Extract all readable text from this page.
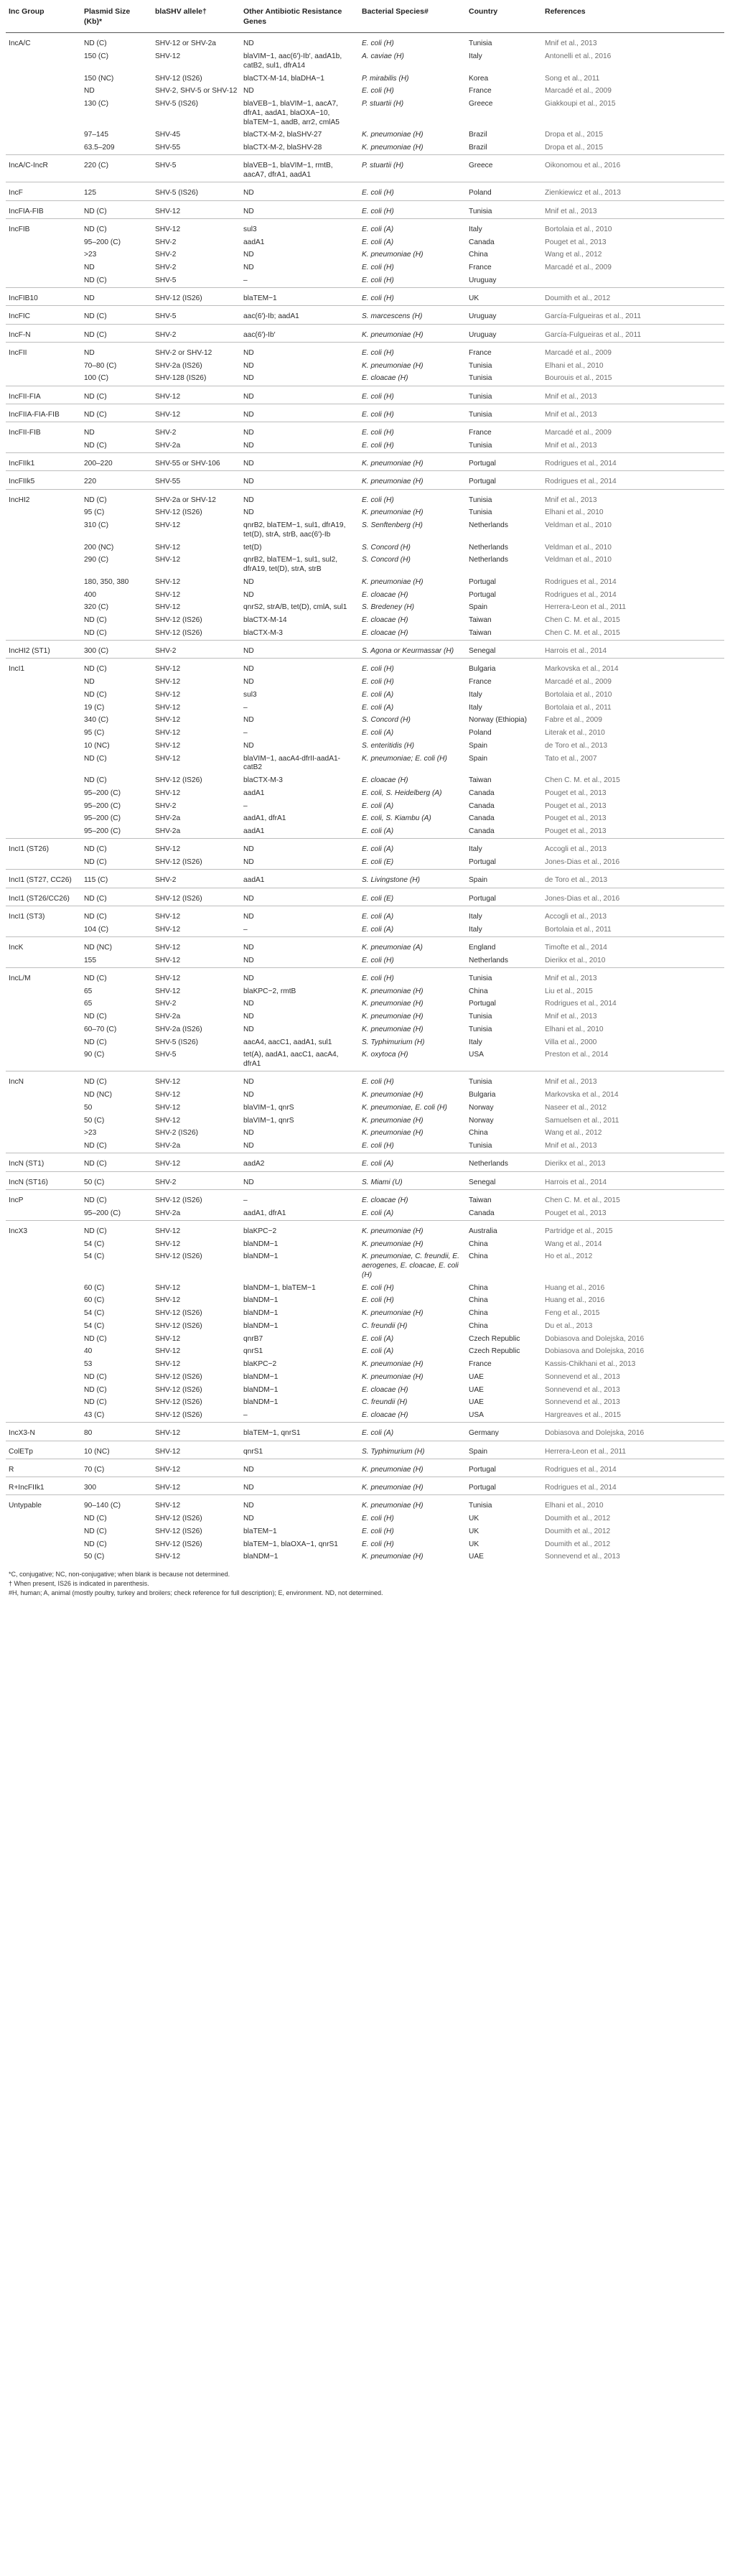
Inc Group	Plasmid Size (Kb)*	blaSHV allele†	Other Antibiotic Resistance Genes	Bacterial Species#	Country	References
IncA/C	ND (C)	SHV-12 or SHV-2a	ND	E. coli (H)	Tunisia	Mnif et al., 2013
	150 (C)	SHV-12	blaVIM−1, aac(6′)-Ib′, aadA1b, catB2, sul1, dfrA14	A. caviae (H)	Italy	Antonelli et al., 2016
	150 (NC)	SHV-12 (IS26)	blaCTX-M-14, blaDHA−1	P. mirabilis (H)	Korea	Song et al., 2011
	ND	SHV-2, SHV-5 or SHV-12	ND	E. coli (H)	France	Marcadé et al., 2009
	130 (C)	SHV-5 (IS26)	blaVEB−1, blaVIM−1, aacA7, dfrA1, aadA1, blaOXA−10, blaTEM−1, aadB, arr2, cmlA5	P. stuartii (H)	Greece	Giakkoupi et al., 2015
	97–145	SHV-45	blaCTX-M-2, blaSHV-27	K. pneumoniae (H)	Brazil	Dropa et al., 2015
	63.5–209	SHV-55	blaCTX-M-2, blaSHV-28	K. pneumoniae (H)	Brazil	Dropa et al., 2015
IncA/C-IncR	220 (C)	SHV-5	blaVEB−1, blaVIM−1, rmtB, aacA7, dfrA1, aadA1	P. stuartii (H)	Greece	Oikonomou et al., 2016
IncF	125	SHV-5 (IS26)	ND	E. coli (H)	Poland	Zienkiewicz et al., 2013
IncFIA-FIB	ND (C)	SHV-12	ND	E. coli (H)	Tunisia	Mnif et al., 2013
IncFIB	ND (C)	SHV-12	sul3	E. coli (A)	Italy	Bortolaia et al., 2010
	95–200 (C)	SHV-2	aadA1	E. coli (A)	Canada	Pouget et al., 2013
	>23	SHV-2	ND	K. pneumoniae (H)	China	Wang et al., 2012
	ND	SHV-2	ND	E. coli (H)	France	Marcadé et al., 2009
	ND (C)	SHV-5	–	E. coli (H)	Uruguay	
IncFIB10	ND	SHV-12 (IS26)	blaTEM−1	E. coli (H)	UK	Doumith et al., 2012
IncFIC	ND (C)	SHV-5	aac(6′)-Ib; aadA1	S. marcescens (H)	Uruguay	García-Fulgueiras et al., 2011
IncF-N	ND (C)	SHV-2	aac(6′)-Ib′	K. pneumoniae (H)	Uruguay	García-Fulgueiras et al., 2011
IncFII	ND	SHV-2 or SHV-12	ND	E. coli (H)	France	Marcadé et al., 2009
	70–80 (C)	SHV-2a (IS26)	ND	K. pneumoniae (H)	Tunisia	Elhani et al., 2010
	100 (C)	SHV-128 (IS26)	ND	E. cloacae (H)	Tunisia	Bourouis et al., 2015
IncFII-FIA	ND (C)	SHV-12	ND	E. coli (H)	Tunisia	Mnif et al., 2013
IncFIIA-FIA-FIB	ND (C)	SHV-12	ND	E. coli (H)	Tunisia	Mnif et al., 2013
IncFII-FIB	ND	SHV-2	ND	E. coli (H)	France	Marcadé et al., 2009
	ND (C)	SHV-2a	ND	E. coli (H)	Tunisia	Mnif et al., 2013
IncFIIk1	200–220	SHV-55 or SHV-106	ND	K. pneumoniae (H)	Portugal	Rodrigues et al., 2014
IncFIIk5	220	SHV-55	ND	K. pneumoniae (H)	Portugal	Rodrigues et al., 2014
IncHI2	ND (C)	SHV-2a or SHV-12	ND	E. coli (H)	Tunisia	Mnif et al., 2013
	95 (C)	SHV-12 (IS26)	ND	K. pneumoniae (H)	Tunisia	Elhani et al., 2010
	310 (C)	SHV-12	qnrB2, blaTEM−1, sul1, dfrA19, tet(D), strA, strB, aac(6′)-Ib	S. Senftenberg (H)	Netherlands	Veldman et al., 2010
	200 (NC)	SHV-12	tet(D)	S. Concord (H)	Netherlands	Veldman et al., 2010
	290 (C)	SHV-12	qnrB2, blaTEM−1, sul1, sul2, dfrA19, tet(D), strA, strB	S. Concord (H)	Netherlands	Veldman et al., 2010
	180, 350, 380	SHV-12	ND	K. pneumoniae (H)	Portugal	Rodrigues et al., 2014
	400	SHV-12	ND	E. cloacae (H)	Portugal	Rodrigues et al., 2014
	320 (C)	SHV-12	qnrS2, strA/B, tet(D), cmlA, sul1	S. Bredeney (H)	Spain	Herrera-Leon et al., 2011
	ND (C)	SHV-12 (IS26)	blaCTX-M-14	E. cloacae (H)	Taiwan	Chen C. M. et al., 2015
	ND (C)	SHV-12 (IS26)	blaCTX-M-3	E. cloacae (H)	Taiwan	Chen C. M. et al., 2015
IncHI2 (ST1)	300 (C)	SHV-2	ND	S. Agona or Keurmassar (H)	Senegal	Harrois et al., 2014
IncI1	ND (C)	SHV-12	ND	E. coli (H)	Bulgaria	Markovska et al., 2014
	ND	SHV-12	ND	E. coli (H)	France	Marcadé et al., 2009
	ND (C)	SHV-12	sul3	E. coli (A)	Italy	Bortolaia et al., 2010
	19 (C)	SHV-12	–	E. coli (A)	Italy	Bortolaia et al., 2011
	340 (C)	SHV-12	ND	S. Concord (H)	Norway (Ethiopia)	Fabre et al., 2009
	95 (C)	SHV-12	–	E. coli (A)	Poland	Literak et al., 2010
	10 (NC)	SHV-12	ND	S. enteritidis (H)	Spain	de Toro et al., 2013
	ND (C)	SHV-12	blaVIM−1, aacA4-dfrII-aadA1-catB2	K. pneumoniae; E. coli (H)	Spain	Tato et al., 2007
	ND (C)	SHV-12 (IS26)	blaCTX-M-3	E. cloacae (H)	Taiwan	Chen C. M. et al., 2015
	95–200 (C)	SHV-12	aadA1	E. coli, S. Heidelberg (A)	Canada	Pouget et al., 2013
	95–200 (C)	SHV-2	–	E. coli (A)	Canada	Pouget et al., 2013
	95–200 (C)	SHV-2a	aadA1, dfrA1	E. coli, S. Kiambu (A)	Canada	Pouget et al., 2013
	95–200 (C)	SHV-2a	aadA1	E. coli (A)	Canada	Pouget et al., 2013
IncI1 (ST26)	ND (C)	SHV-12	ND	E. coli (A)	Italy	Accogli et al., 2013
	ND (C)	SHV-12 (IS26)	ND	E. coli (E)	Portugal	Jones-Dias et al., 2016
IncI1 (ST27, CC26)	115 (C)	SHV-2	aadA1	S. Livingstone (H)	Spain	de Toro et al., 2013
IncI1 (ST26/CC26)	ND (C)	SHV-12 (IS26)	ND	E. coli (E)	Portugal	Jones-Dias et al., 2016
IncI1 (ST3)	ND (C)	SHV-12	ND	E. coli (A)	Italy	Accogli et al., 2013
	104 (C)	SHV-12	–	E. coli (A)	Italy	Bortolaia et al., 2011
IncK	ND (NC)	SHV-12	ND	K. pneumoniae (A)	England	Timofte et al., 2014
	155	SHV-12	ND	E. coli (H)	Netherlands	Dierikx et al., 2010
IncL/M	ND (C)	SHV-12	ND	E. coli (H)	Tunisia	Mnif et al., 2013
	65	SHV-12	blaKPC−2, rmtB	K. pneumoniae (H)	China	Liu et al., 2015
	65	SHV-2	ND	K. pneumoniae (H)	Portugal	Rodrigues et al., 2014
	ND (C)	SHV-2a	ND	K. pneumoniae (H)	Tunisia	Mnif et al., 2013
	60–70 (C)	SHV-2a (IS26)	ND	K. pneumoniae (H)	Tunisia	Elhani et al., 2010
	ND (C)	SHV-5 (IS26)	aacA4, aacC1, aadA1, sul1	S. Typhimurium (H)	Italy	Villa et al., 2000
	90 (C)	SHV-5	tet(A), aadA1, aacC1, aacA4, dfrA1	K. oxytoca (H)	USA	Preston et al., 2014
IncN	ND (C)	SHV-12	ND	E. coli (H)	Tunisia	Mnif et al., 2013
	ND (NC)	SHV-12	ND	K. pneumoniae (H)	Bulgaria	Markovska et al., 2014
	50	SHV-12	blaVIM−1, qnrS	K. pneumoniae, E. coli (H)	Norway	Naseer et al., 2012
	50 (C)	SHV-12	blaVIM−1, qnrS	K. pneumoniae (H)	Norway	Samuelsen et al., 2011
	>23	SHV-2 (IS26)	ND	K. pneumoniae (H)	China	Wang et al., 2012
	ND (C)	SHV-2a	ND	E. coli (H)	Tunisia	Mnif et al., 2013
IncN (ST1)	ND (C)	SHV-12	aadA2	E. coli (A)	Netherlands	Dierikx et al., 2013
IncN (ST16)	50 (C)	SHV-2	ND	S. Miami (U)	Senegal	Harrois et al., 2014
IncP	ND (C)	SHV-12 (IS26)	–	E. cloacae (H)	Taiwan	Chen C. M. et al., 2015
	95–200 (C)	SHV-2a	aadA1, dfrA1	E. coli (A)	Canada	Pouget et al., 2013
IncX3	ND (C)	SHV-12	blaKPC−2	K. pneumoniae (H)	Australia	Partridge et al., 2015
	54 (C)	SHV-12	blaNDM−1	K. pneumoniae (H)	China	Wang et al., 2014
	54 (C)	SHV-12 (IS26)	blaNDM−1	K. pneumoniae, C. freundii, E. aerogenes, E. cloacae, E. coli (H)	China	Ho et al., 2012
	60 (C)	SHV-12	blaNDM−1, blaTEM−1	E. coli (H)	China	Huang et al., 2016
	60 (C)	SHV-12	blaNDM−1	E. coli (H)	China	Huang et al., 2016
	54 (C)	SHV-12 (IS26)	blaNDM−1	K. pneumoniae (H)	China	Feng et al., 2015
	54 (C)	SHV-12 (IS26)	blaNDM−1	C. freundii (H)	China	Du et al., 2013
	ND (C)	SHV-12	qnrB7	E. coli (A)	Czech Republic	Dobiasova and Dolejska, 2016
	40	SHV-12	qnrS1	E. coli (A)	Czech Republic	Dobiasova and Dolejska, 2016
	53	SHV-12	blaKPC−2	K. pneumoniae (H)	France	Kassis-Chikhani et al., 2013
	ND (C)	SHV-12 (IS26)	blaNDM−1	K. pneumoniae (H)	UAE	Sonnevend et al., 2013
	ND (C)	SHV-12 (IS26)	blaNDM−1	E. cloacae (H)	UAE	Sonnevend et al., 2013
	ND (C)	SHV-12 (IS26)	blaNDM−1	C. freundii (H)	UAE	Sonnevend et al., 2013
	43 (C)	SHV-12 (IS26)	–	E. cloacae (H)	USA	Hargreaves et al., 2015
IncX3-N	80	SHV-12	blaTEM−1, qnrS1	E. coli (A)	Germany	Dobiasova and Dolejska, 2016
ColETp	10 (NC)	SHV-12	qnrS1	S. Typhimurium (H)	Spain	Herrera-Leon et al., 2011
R	70 (C)	SHV-12	ND	K. pneumoniae (H)	Portugal	Rodrigues et al., 2014
R+IncFIIk1	300	SHV-12	ND	K. pneumoniae (H)	Portugal	Rodrigues et al., 2014
Untypable	90–140 (C)	SHV-12	ND	K. pneumoniae (H)	Tunisia	Elhani et al., 2010
	ND (C)	SHV-12 (IS26)	ND	E. coli (H)	UK	Doumith et al., 2012
	ND (C)	SHV-12 (IS26)	blaTEM−1	E. coli (H)	UK	Doumith et al., 2012
	ND (C)	SHV-12 (IS26)	blaTEM−1, blaOXA−1, qnrS1	E. coli (H)	UK	Doumith et al., 2012
	50 (C)	SHV-12	blaNDM−1	K. pneumoniae (H)	UAE	Sonnevend et al., 2013
*C, conjugative; NC, non-conjugative; when blank is because not determined.
† When present, IS26 is indicated in parenthesis.
#H, human; A, animal (mostly poultry, turkey and broilers; check reference for full description); E, environment. ND, not determined.
